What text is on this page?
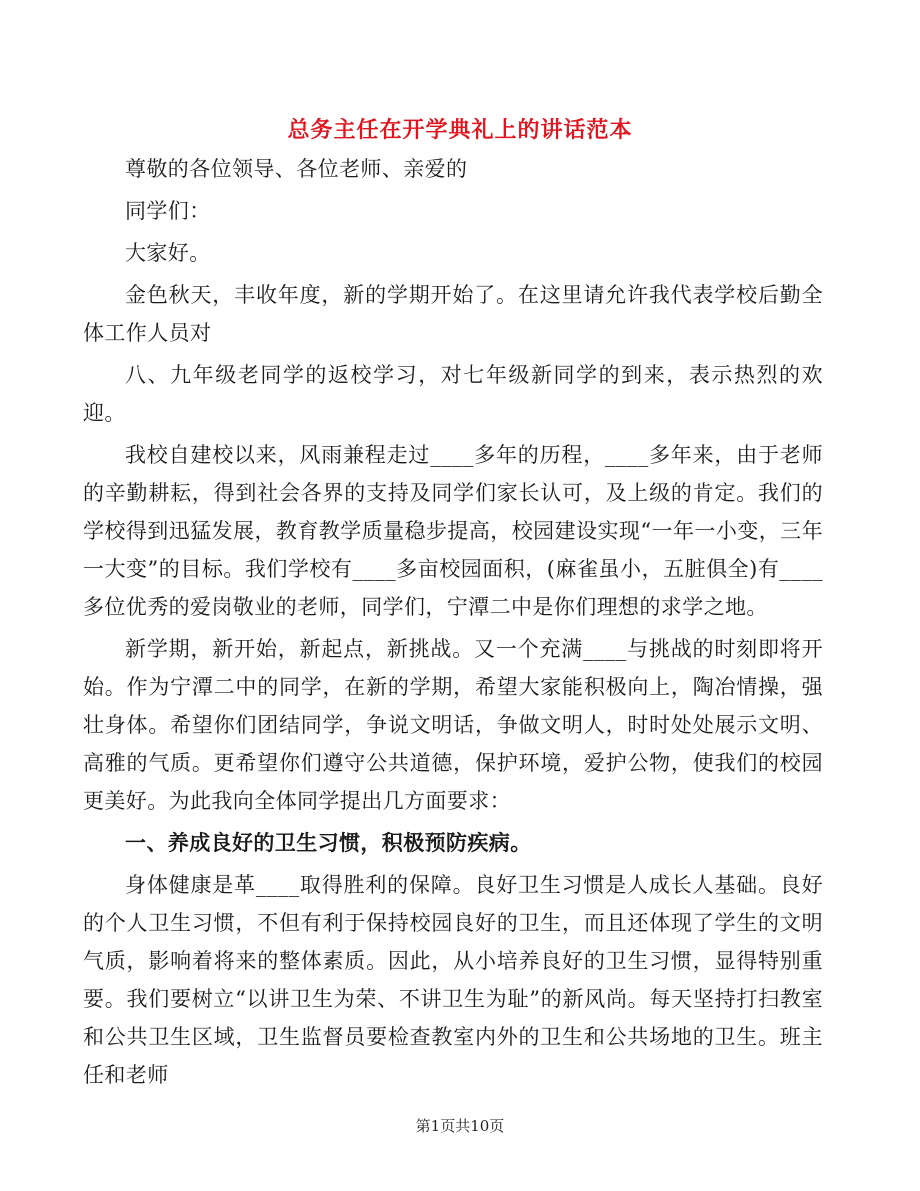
总务主任在开学典礼上的讲话范本

尊敬的各位领导、各位老师、亲爱的

同学们：

大家好。

金色秋天，丰收年度，新的学期开始了。在这里请允许我代表学校后勤全体工作人员对

八、九年级老同学的返校学习，对七年级新同学的到来，表示热烈的欢迎。

我校自建校以来，风雨兼程走过____多年的历程，____多年来，由于老师的辛勤耕耘，得到社会各界的支持及同学们家长认可，及上级的肯定。我们的学校得到迅猛发展，教育教学质量稳步提高，校园建设实现“一年一小变，三年一大变”的目标。我们学校有____多亩校园面积，(麻雀虽小，五脏俱全)有____多位优秀的爱岗敬业的老师，同学们，宁潭二中是你们理想的求学之地。

新学期，新开始，新起点，新挑战。又一个充满____与挑战的时刻即将开始。作为宁潭二中的同学，在新的学期，希望大家能积极向上，陶冶情操，强壮身体。希望你们团结同学，争说文明话，争做文明人，时时处处展示文明、高雅的气质。更希望你们遵守公共道德，保护环境，爱护公物，使我们的校园更美好。为此我向全体同学提出几方面要求：

一、养成良好的卫生习惯，积极预防疾病。

身体健康是革____取得胜利的保障。良好卫生习惯是人成长人基础。良好的个人卫生习惯，不但有利于保持校园良好的卫生，而且还体现了学生的文明气质，影响着将来的整体素质。因此，从小培养良好的卫生习惯，显得特别重要。我们要树立“以讲卫生为荣、不讲卫生为耻”的新风尚。每天坚持打扫教室和公共卫生区域，卫生监督员要检查教室内外的卫生和公共场地的卫生。班主任和老师

第1页共10页
